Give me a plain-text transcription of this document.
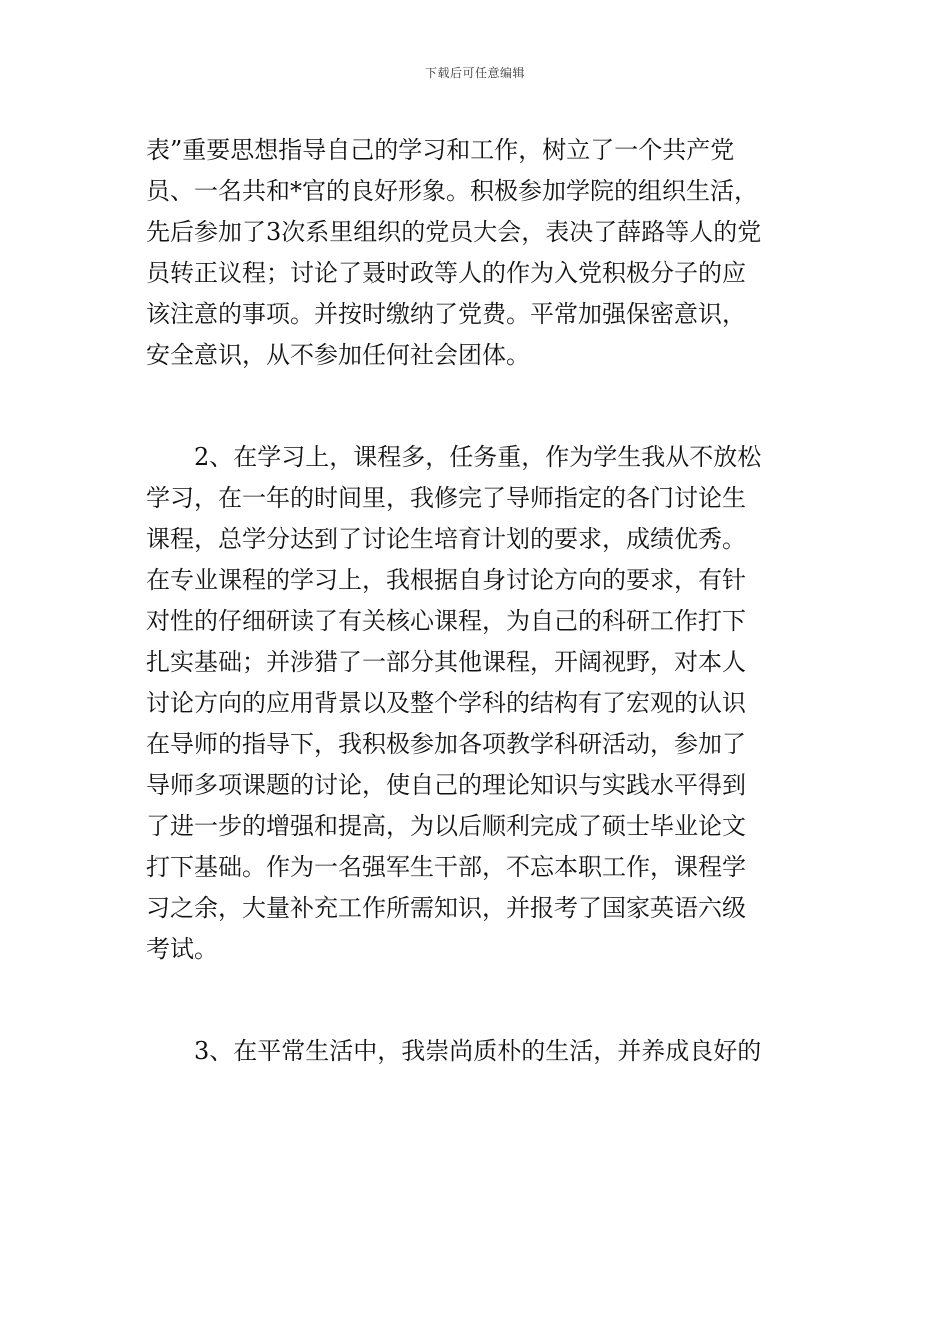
下载后可任意编辑
表”重要思想指导自己的学习和工作，树立了一个共产党
员、一名共和*官的良好形象。积极参加学院的组织生活，
先后参加了3次系里组织的党员大会，表决了薛路等人的党
员转正议程；讨论了聂时政等人的作为入党积极分子的应
该注意的事项。并按时缴纳了党费。平常加强保密意识，
安全意识，从不参加任何社会团体。
2、在学习上，课程多，任务重，作为学生我从不放松
学习，在一年的时间里，我修完了导师指定的各门讨论生
课程，总学分达到了讨论生培育计划的要求，成绩优秀。
在专业课程的学习上，我根据自身讨论方向的要求，有针
对性的仔细研读了有关核心课程，为自己的科研工作打下
扎实基础；并涉猎了一部分其他课程，开阔视野，对本人
讨论方向的应用背景以及整个学科的结构有了宏观的认识
在导师的指导下，我积极参加各项教学科研活动，参加了
导师多项课题的讨论，使自己的理论知识与实践水平得到
了进一步的增强和提高，为以后顺利完成了硕士毕业论文
打下基础。作为一名强军生干部，不忘本职工作，课程学
习之余，大量补充工作所需知识，并报考了国家英语六级
考试。
3、在平常生活中，我崇尚质朴的生活，并养成良好的
